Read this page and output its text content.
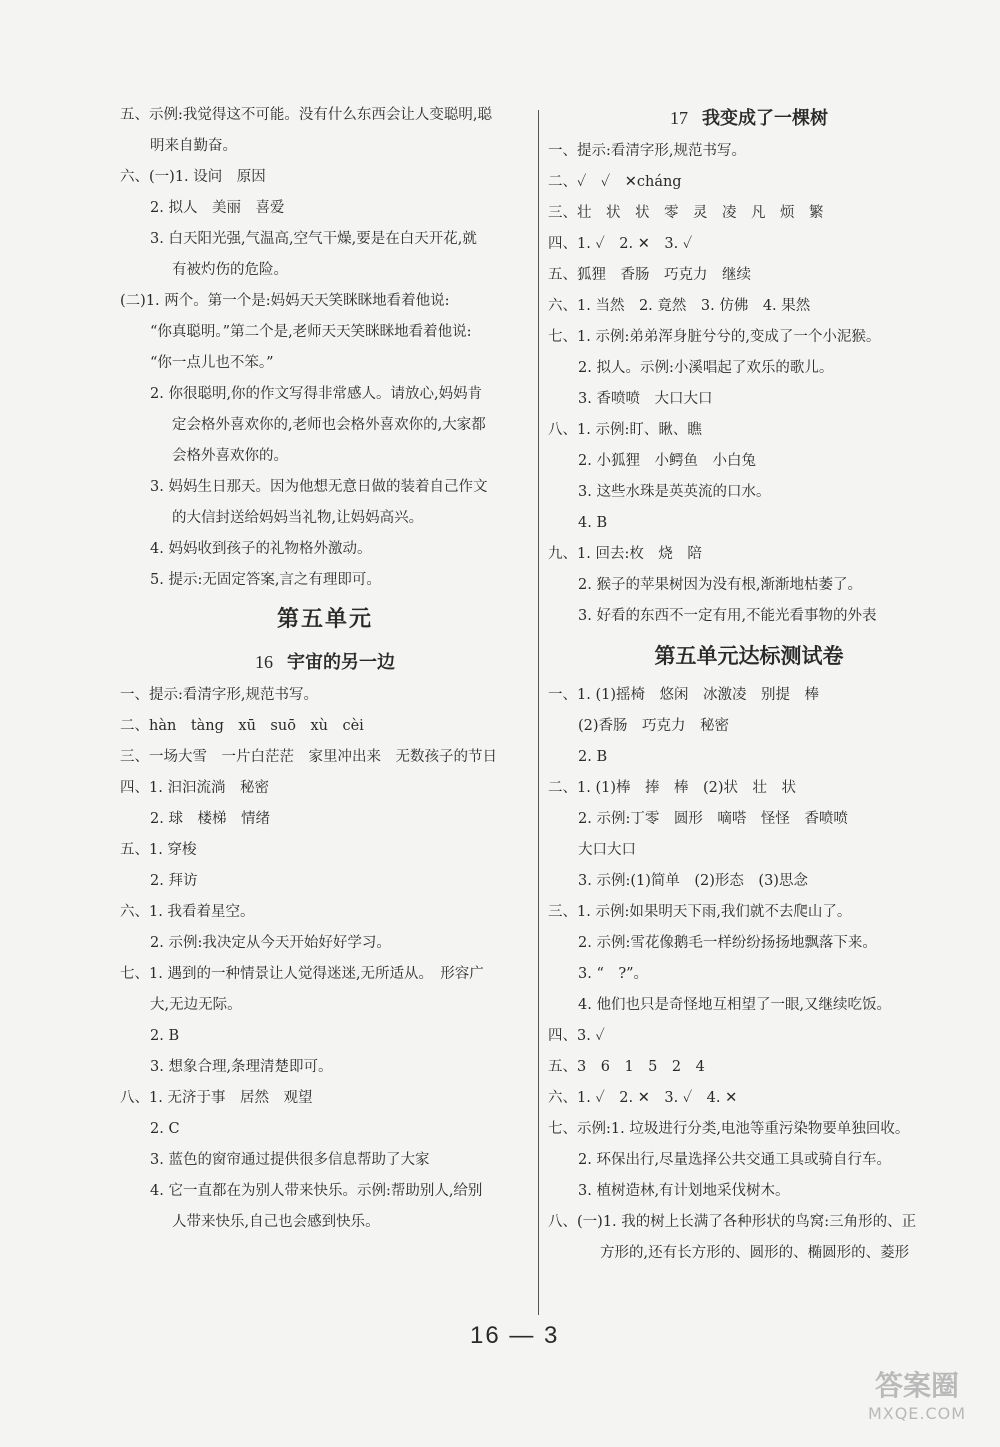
五、示例:我觉得这不可能。没有什么东西会让人变聪明,聪
明来自勤奋。
六、(一)1. 设问　原因
2. 拟人　美丽　喜爱
3. 白天阳光强,气温高,空气干燥,要是在白天开花,就
有被灼伤的危险。
(二)1. 两个。第一个是:妈妈天天笑眯眯地看着他说:
“你真聪明。”第二个是,老师天天笑眯眯地看着他说:
“你一点儿也不笨。”
2. 你很聪明,你的作文写得非常感人。请放心,妈妈肯
定会格外喜欢你的,老师也会格外喜欢你的,大家都
会格外喜欢你的。
3. 妈妈生日那天。因为他想无意日做的装着自己作文
的大信封送给妈妈当礼物,让妈妈高兴。
4. 妈妈收到孩子的礼物格外激动。
5. 提示:无固定答案,言之有理即可。
第五单元
16 宇宙的另一边
一、提示:看清字形,规范书写。
二、hàn　tàng　xū　suō　xù　cèi
三、一场大雪　一片白茫茫　家里冲出来　无数孩子的节日
四、1. 汩汩流淌　秘密
2. 球　楼梯　情绪
五、1. 穿梭
2. 拜访
六、1. 我看着星空。
2. 示例:我决定从今天开始好好学习。
七、1. 遇到的一种情景让人觉得迷迷,无所适从。　形容广
大,无边无际。
2. B
3. 想象合理,条理清楚即可。
八、1. 无济于事　居然　观望
2. C
3. 蓝色的窗帘通过提供很多信息帮助了大家
4. 它一直都在为别人带来快乐。示例:帮助别人,给别
人带来快乐,自己也会感到快乐。
17 我变成了一棵树
一、提示:看清字形,规范书写。
二、✓　✓　✕cháng
三、壮　状　状　零　灵　凌　凡　烦　繁
四、1. ✓　2. ✕　3. ✓
五、狐狸　香肠　巧克力　继续
六、1. 当然　2. 竟然　3. 仿佛　4. 果然
七、1. 示例:弟弟浑身脏兮兮的,变成了一个小泥猴。
2. 拟人。示例:小溪唱起了欢乐的歌儿。
3. 香喷喷　大口大口
八、1. 示例:盯、瞅、瞧
2. 小狐狸　小鳄鱼　小白兔
3. 这些水珠是英英流的口水。
4. B
九、1. 回去:枚　烧　陪
2. 猴子的苹果树因为没有根,渐渐地枯萎了。
3. 好看的东西不一定有用,不能光看事物的外表
第五单元达标测试卷
一、1. (1)摇椅　悠闲　冰激凌　别提　棒
(2)香肠　巧克力　秘密
2. B
二、1. (1)棒　捧　棒　(2)状　壮　状
2. 示例:丁零　圆形　嘀嗒　怪怪　香喷喷
大口大口
3. 示例:(1)简单　(2)形态　(3)思念
三、1. 示例:如果明天下雨,我们就不去爬山了。
2. 示例:雪花像鹅毛一样纷纷扬扬地飘落下来。
3. “　?”。
4. 他们也只是奇怪地互相望了一眼,又继续吃饭。
四、3. ✓
五、3　6　1　5　2　4
六、1. ✓　2. ✕　3. ✓　4. ✕
七、示例:1. 垃圾进行分类,电池等重污染物要单独回收。
2. 环保出行,尽量选择公共交通工具或骑自行车。
3. 植树造林,有计划地采伐树木。
八、(一)1. 我的树上长满了各种形状的鸟窝:三角形的、正
方形的,还有长方形的、圆形的、椭圆形的、菱形
16 — 3
答案圈
MXQE.COM
